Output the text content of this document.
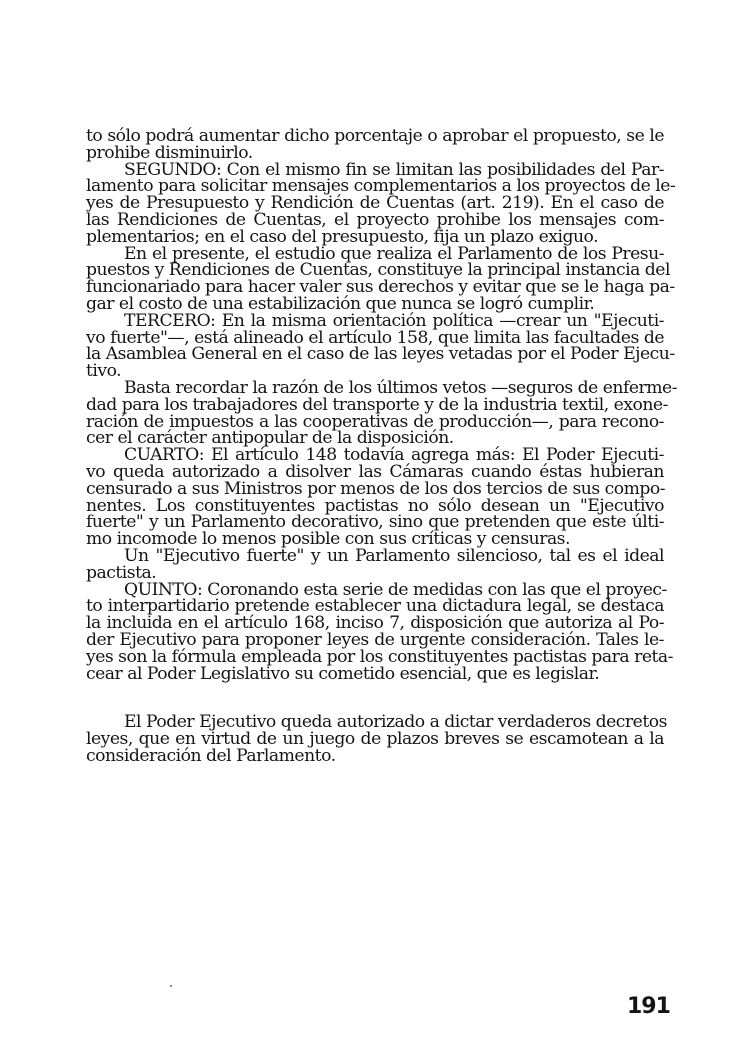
to sólo podrá aumentar dicho porcentaje o aprobar el propuesto, se le
prohibe disminuirlo.
SEGUNDO: Con el mismo fin se limitan las posibilidades del Par-
lamento para solicitar mensajes complementarios a los proyectos de le-
yes de Presupuesto y Rendición de Cuentas (art. 219). En el caso de
las Rendiciones de Cuentas, el proyecto prohibe los mensajes com-
plementarios; en el caso del presupuesto, fija un plazo exiguo.
En el presente, el estudio que realiza el Parlamento de los Presu-
puestos y Rendiciones de Cuentas, constituye la principal instancia del
funcionariado para hacer valer sus derechos y evitar que se le haga pa-
gar el costo de una estabilización que nunca se logró cumplir.
TERCERO: En la misma orientación política —crear un "Ejecuti-
vo fuerte"—, está alineado el artículo 158, que limita las facultades de
la Asamblea General en el caso de las leyes vetadas por el Poder Ejecu-
tivo.
Basta recordar la razón de los últimos vetos —seguros de enferme-
dad para los trabajadores del transporte y de la industria textil, exone-
ración de impuestos a las cooperativas de producción—, para recono-
cer el carácter antipopular de la disposición.
CUARTO: El artículo 148 todavía agrega más: El Poder Ejecuti-
vo queda autorizado a disolver las Cámaras cuando éstas hubieran
censurado a sus Ministros por menos de los dos tercios de sus compo-
nentes. Los constituyentes pactistas no sólo desean un "Ejecutivo
fuerte" y un Parlamento decorativo, sino que pretenden que este últi-
mo incomode lo menos posible con sus críticas y censuras.
Un "Ejecutivo fuerte" y un Parlamento silencioso, tal es el ideal
pactista.
QUINTO: Coronando esta serie de medidas con las que el proyec-
to interpartidario pretende establecer una dictadura legal, se destaca
la incluida en el artículo 168, inciso 7, disposición que autoriza al Po-
der Ejecutivo para proponer leyes de urgente consideración. Tales le-
yes son la fórmula empleada por los constituyentes pactistas para reta-
cear al Poder Legislativo su cometido esencial, que es legislar.
El Poder Ejecutivo queda autorizado a dictar verdaderos decretos
leyes, que en virtud de un juego de plazos breves se escamotean a la
consideración del Parlamento.
191
